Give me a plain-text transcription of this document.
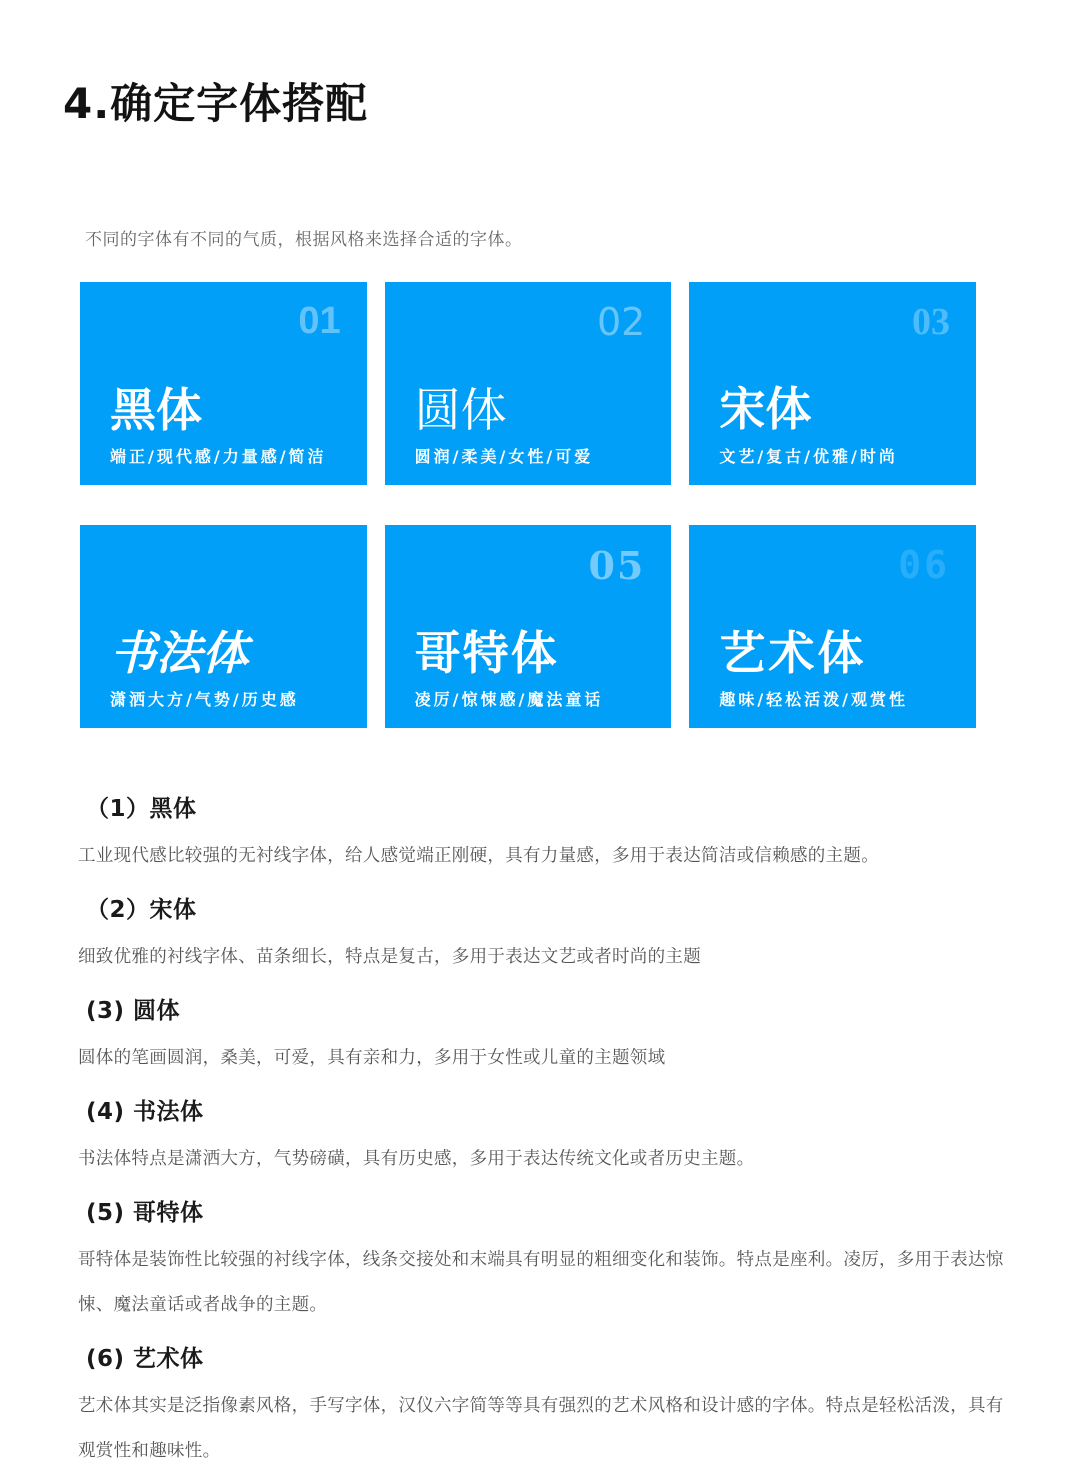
4.确定字体搭配

不同的字体有不同的气质，根据风格来选择合适的字体。

01
黑体
端正/现代感/力量感/简洁
02
圆体
圆润/柔美/女性/可爱
03
宋体
文艺/复古/优雅/时尚
书法体
潇洒大方/气势/历史感
05
哥特体
凌厉/惊悚感/魔法童话
06
艺术体
趣味/轻松活泼/观赏性
（1）黑体

工业现代感比较强的无衬线字体，给人感觉端正刚硬，具有力量感，多用于表达简洁或信赖感的主题。

（2）宋体

细致优雅的衬线字体、苗条细长，特点是复古，多用于表达文艺或者时尚的主题

(3) 圆体

圆体的笔画圆润，桑美，可爱，具有亲和力，多用于女性或儿童的主题领域

(4) 书法体

书法体特点是潇洒大方，气势磅磺，具有历史感，多用于表达传统文化或者历史主题。

(5) 哥特体

哥特体是装饰性比较强的衬线字体，线条交接处和末端具有明显的粗细变化和装饰。特点是座利。凌厉，多用于表达惊悚、魔法童话或者战争的主题。

(6) 艺术体

艺术体其实是泛指像素风格，手写字体，汉仪六字简等等具有强烈的艺术风格和设计感的字体。特点是轻松活泼，具有观赏性和趣味性。
